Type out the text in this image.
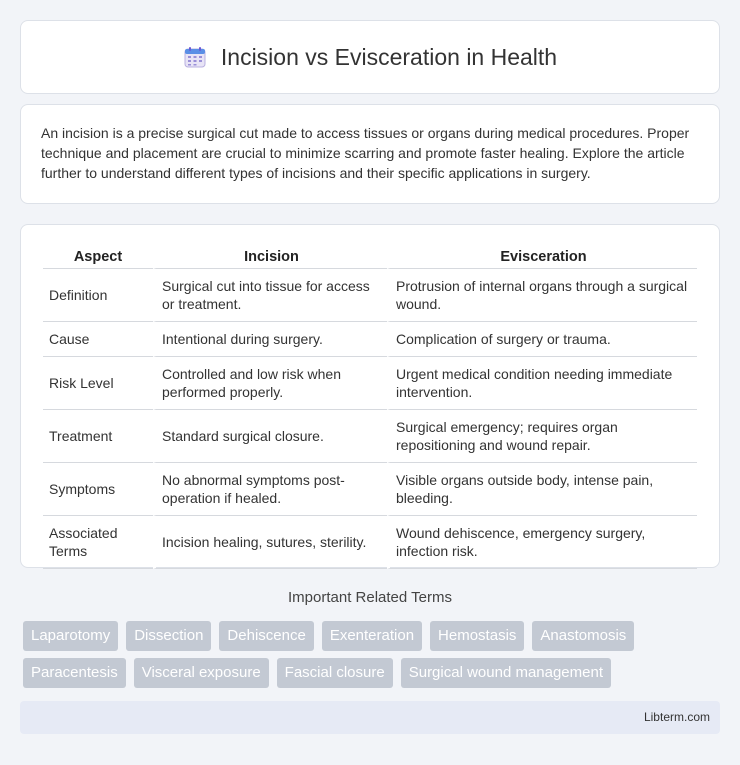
Incision vs Evisceration in Health

An incision is a precise surgical cut made to access tissues or organs during medical procedures. Proper technique and placement are crucial to minimize scarring and promote faster healing. Explore the article further to understand different types of incisions and their specific applications in surgery.

Aspect	Incision	Evisceration
Definition	Surgical cut into tissue for access or treatment.	Protrusion of internal organs through a surgical wound.
Cause	Intentional during surgery.	Complication of surgery or trauma.
Risk Level	Controlled and low risk when performed properly.	Urgent medical condition needing immediate intervention.
Treatment	Standard surgical closure.	Surgical emergency; requires organ repositioning and wound repair.
Symptoms	No abnormal symptoms post-operation if healed.	Visible organs outside body, intense pain, bleeding.
Associated Terms	Incision healing, sutures, sterility.	Wound dehiscence, emergency surgery, infection risk.
Important Related Terms
Laparotomy	Dissection	Dehiscence	Exenteration	Hemostasis	Anastomosis
Paracentesis	Visceral exposure	Fascial closure	Surgical wound management
Libterm.com
